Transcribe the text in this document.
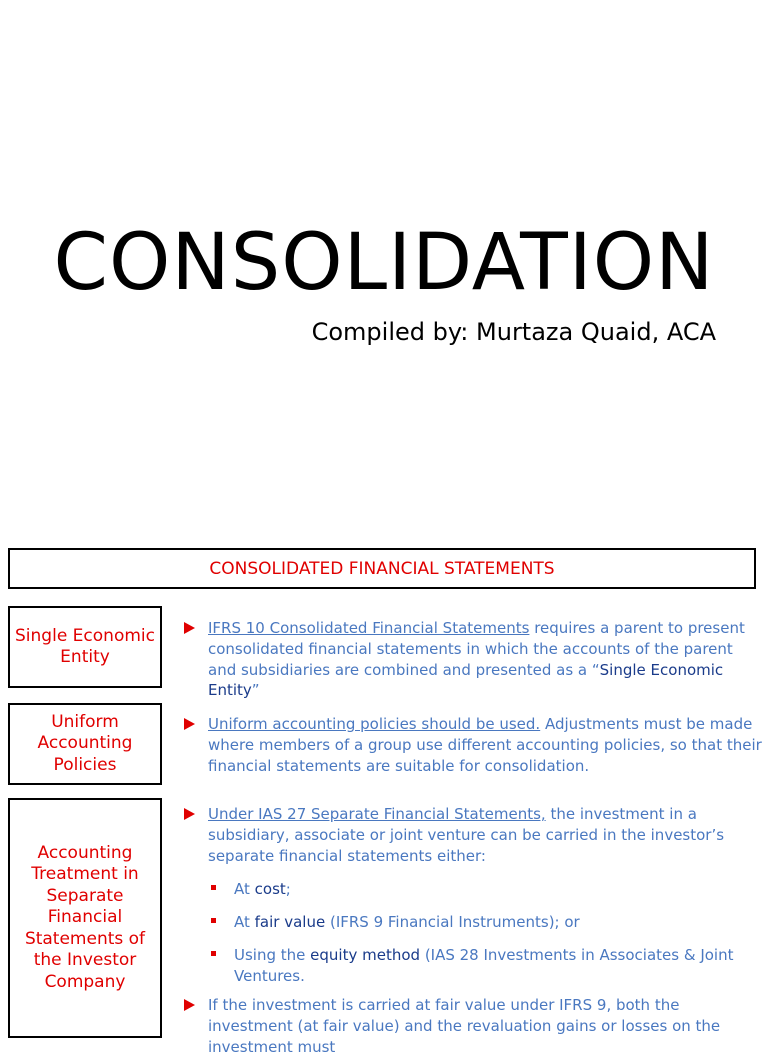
CONSOLIDATION
Compiled by: Murtaza Quaid, ACA
CONSOLIDATED FINANCIAL STATEMENTS
Single Economic Entity
IFRS 10 Consolidated Financial Statements requires a parent to present consolidated financial statements in which the accounts of the parent and subsidiaries are combined and presented as a “Single Economic Entity”
Uniform Accounting Policies
Uniform accounting policies should be used. Adjustments must be made where members of a group use different accounting policies, so that their financial statements are suitable for consolidation.
Accounting Treatment in Separate Financial Statements of the Investor Company
Under IAS 27 Separate Financial Statements, the investment in a subsidiary, associate or joint venture can be carried in the investor’s separate financial statements either:
At cost;
At fair value (IFRS 9 Financial Instruments); or
Using the equity method (IAS 28 Investments in Associates & Joint Ventures.
If the investment is carried at fair value under IFRS 9, both the investment (at fair value) and the revaluation gains or losses on the investment must
